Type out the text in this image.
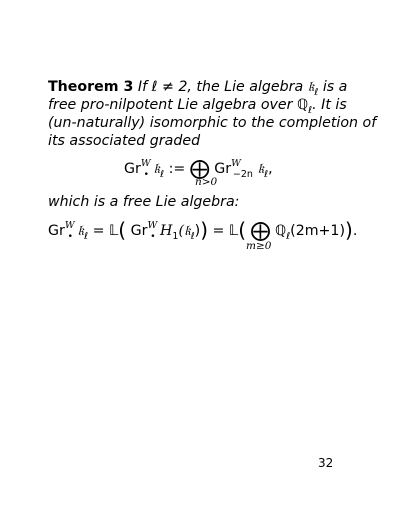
Theorem 3 If ℓ ≠ 2, the Lie algebra 𝔨$_\ell$ is a
free pro-nilpotent Lie algebra over ℚ$_\ell$. It is
(un-naturally) isomorphic to the completion of
its associated graded
$Gr^W_•$ 𝔨$_\ell$ := ⨁ $Gr^W_{-2n}$ 𝔨$_\ell$,
n>0
which is a free Lie algebra:
$Gr^W_•$ 𝔨$_\ell$ = 𝕃( $Gr^W_•$ $H_1(𝔨_\ell)$) = 𝕃( ⨁ ℚ$_\ell$(2m+1)).
m≥0
32
